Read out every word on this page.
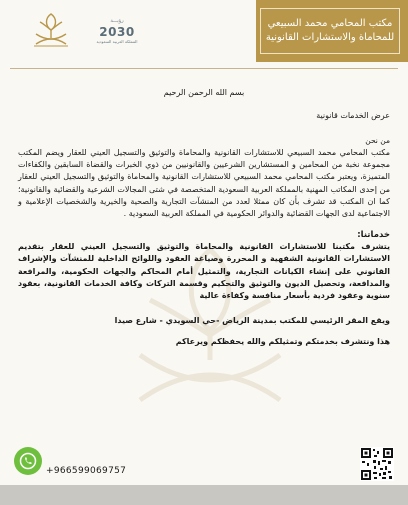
مكتب المحامي محمد السبيعي
للمحاماة والاستشارات القانونية
رؤيـــة
2030
المملكة العربية السعودية
بسم الله الرحمن الرحيم
عرض الخدمات قانونية
من نحن
مكتب المحامي محمد السبيعي للاستشارات القانونية والمحاماة والتوثيق والتسجيل العيني للعقار ويضم المكتب مجموعة نخبة من المحامين و المستشارين الشرعيين والقانونيين من ذوي الخبرات والقضاة السابقين والكفاءات المتميزة، ويعتبر مكتب المحامي محمد السبيعي للاستشارات القانونية والمحاماة والتوثيق والتسجيل العيني للعقار من إحدى المكاتب المهنية بالمملكة العربية السعودية المتخصصة في شتى المجالات الشرعية والقضائية والقانونية؛ كما ان المكتب قد تشرف بأن كان ممثلا لعدد من المنشآت التجارية والصحية والخيرية والشخصيات الإعلامية و الاجتماعية لدى الجهات القضائية والدوائر الحكومية في المملكة العربية السعودية .
خدماتنا:
يتشرف مكتبنا للاستشارات القانونية والمحاماة والتوثيق والتسجيل العيني للعقار بتقديم الاستشارات القانونية الشفهية و المحررة وصياغة العقود واللوائح الداخلية للمنشآت والإشراف القانوني على إنشاء الكيانات التجارية، والتمثيل أمام المحاكم والجهات الحكومية، والمرافعة والمدافعة، وتحصيل الديون والتوثيق والتحكيم وقسمة التركات وكافة الخدمات القانونية، بعقود سنوية وعقود فردية بأسعار منافسة وكفاءة عالية
ويقع المقر الرئيسي للمكتب بمدينة الرياض -حي السويدي - شارع صيدا
هذا ونتشرف بخدمتكم وتمثيلكم والله يحفظكم ويرعاكم
+966599069757
